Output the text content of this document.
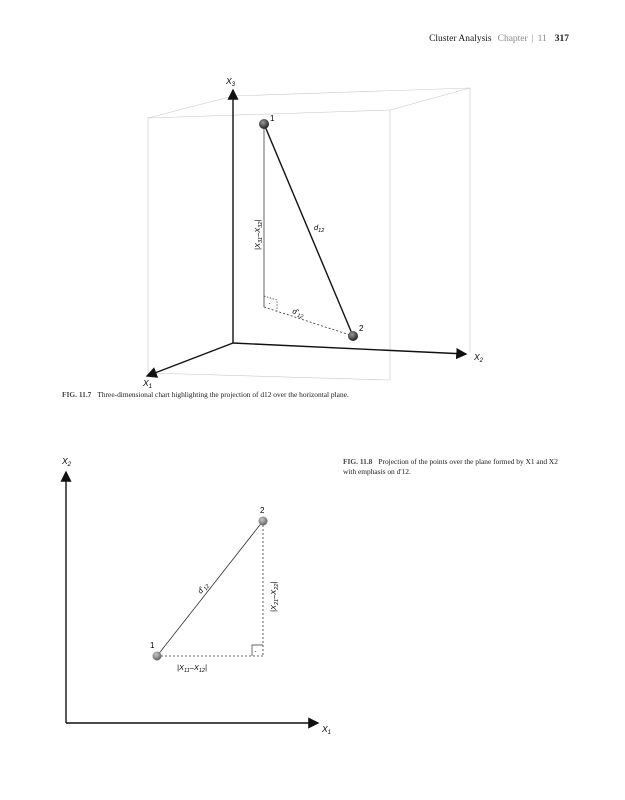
Cluster Analysis Chapter | 11 317
$X_3$
$X_2$
$X_1$
•
1
2
$d_{12}$
$d'_{12}$
$|X_{31}-X_{32}|$
FIG. 11.7 Three-dimensional chart highlighting the projection of d12 over the horizontal plane.
$X_2$
$X_1$
•
1
2
$d'_{12}$
$|X_{21}-X_{22}|$
$|X_{11}-X_{12}|$
FIG. 11.8 Projection of the points over the plane formed by X1 and X2 with emphasis on d'12.
